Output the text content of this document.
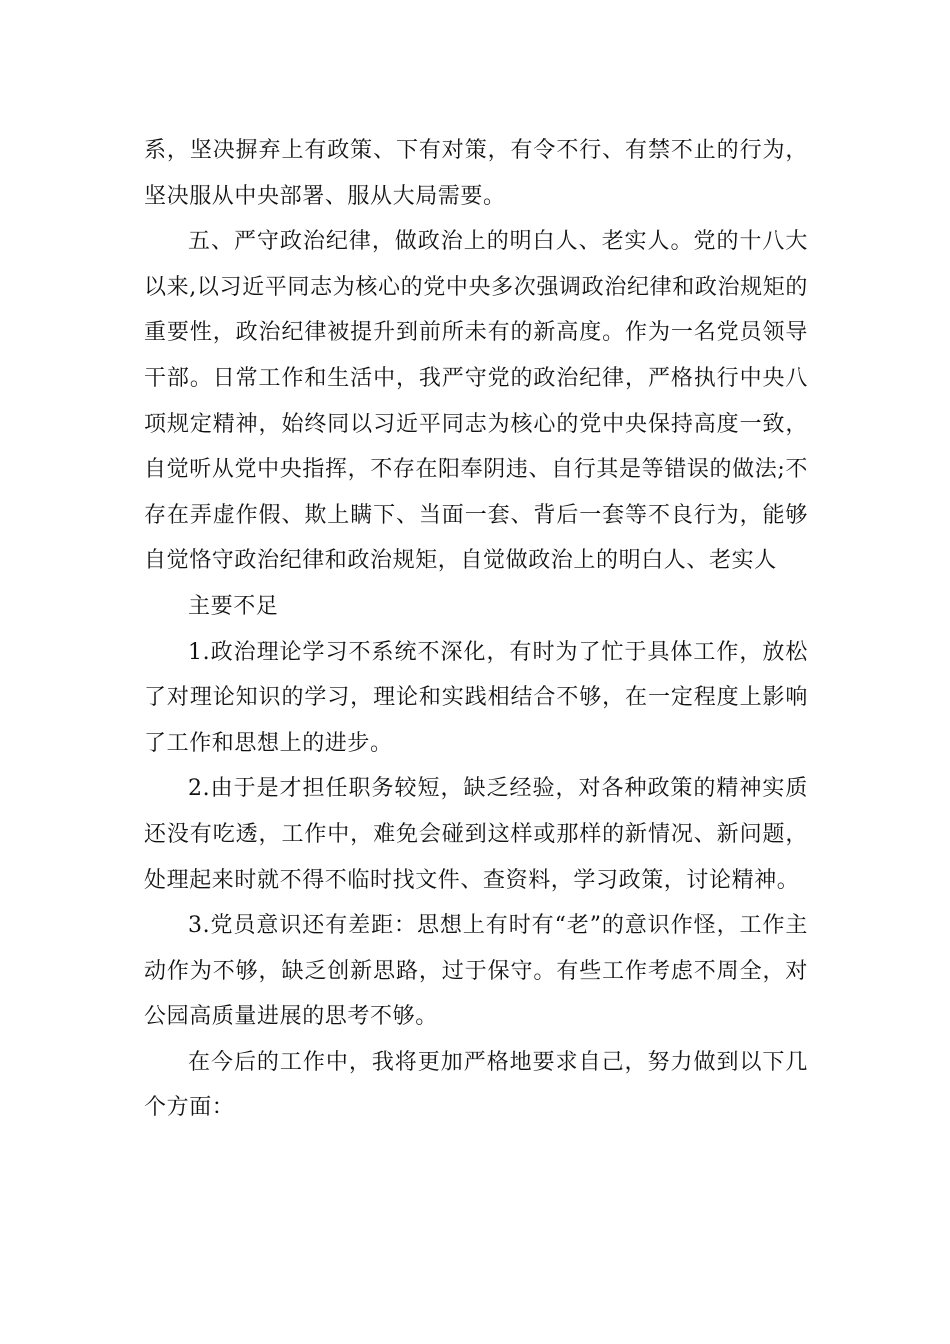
系，坚决摒弃上有政策、下有对策，有令不行、有禁不止的行为，坚决服从中央部署、服从大局需要。

五、严守政治纪律，做政治上的明白人、老实人。党的十八大以来,以习近平同志为核心的党中央多次强调政治纪律和政治规矩的重要性，政治纪律被提升到前所未有的新高度。作为一名党员领导干部。日常工作和生活中，我严守党的政治纪律，严格执行中央八项规定精神，始终同以习近平同志为核心的党中央保持高度一致，自觉听从党中央指挥，不存在阳奉阴违、自行其是等错误的做法;不存在弄虚作假、欺上瞒下、当面一套、背后一套等不良行为，能够自觉恪守政治纪律和政治规矩，自觉做政治上的明白人、老实人

主要不足

1.政治理论学习不系统不深化，有时为了忙于具体工作，放松了对理论知识的学习，理论和实践相结合不够，在一定程度上影响了工作和思想上的进步。

2.由于是才担任职务较短，缺乏经验，对各种政策的精神实质还没有吃透，工作中，难免会碰到这样或那样的新情况、新问题，处理起来时就不得不临时找文件、查资料，学习政策，讨论精神。

3.党员意识还有差距：思想上有时有“老”的意识作怪，工作主动作为不够，缺乏创新思路，过于保守。有些工作考虑不周全，对公园高质量进展的思考不够。

在今后的工作中，我将更加严格地要求自己，努力做到以下几个方面：
